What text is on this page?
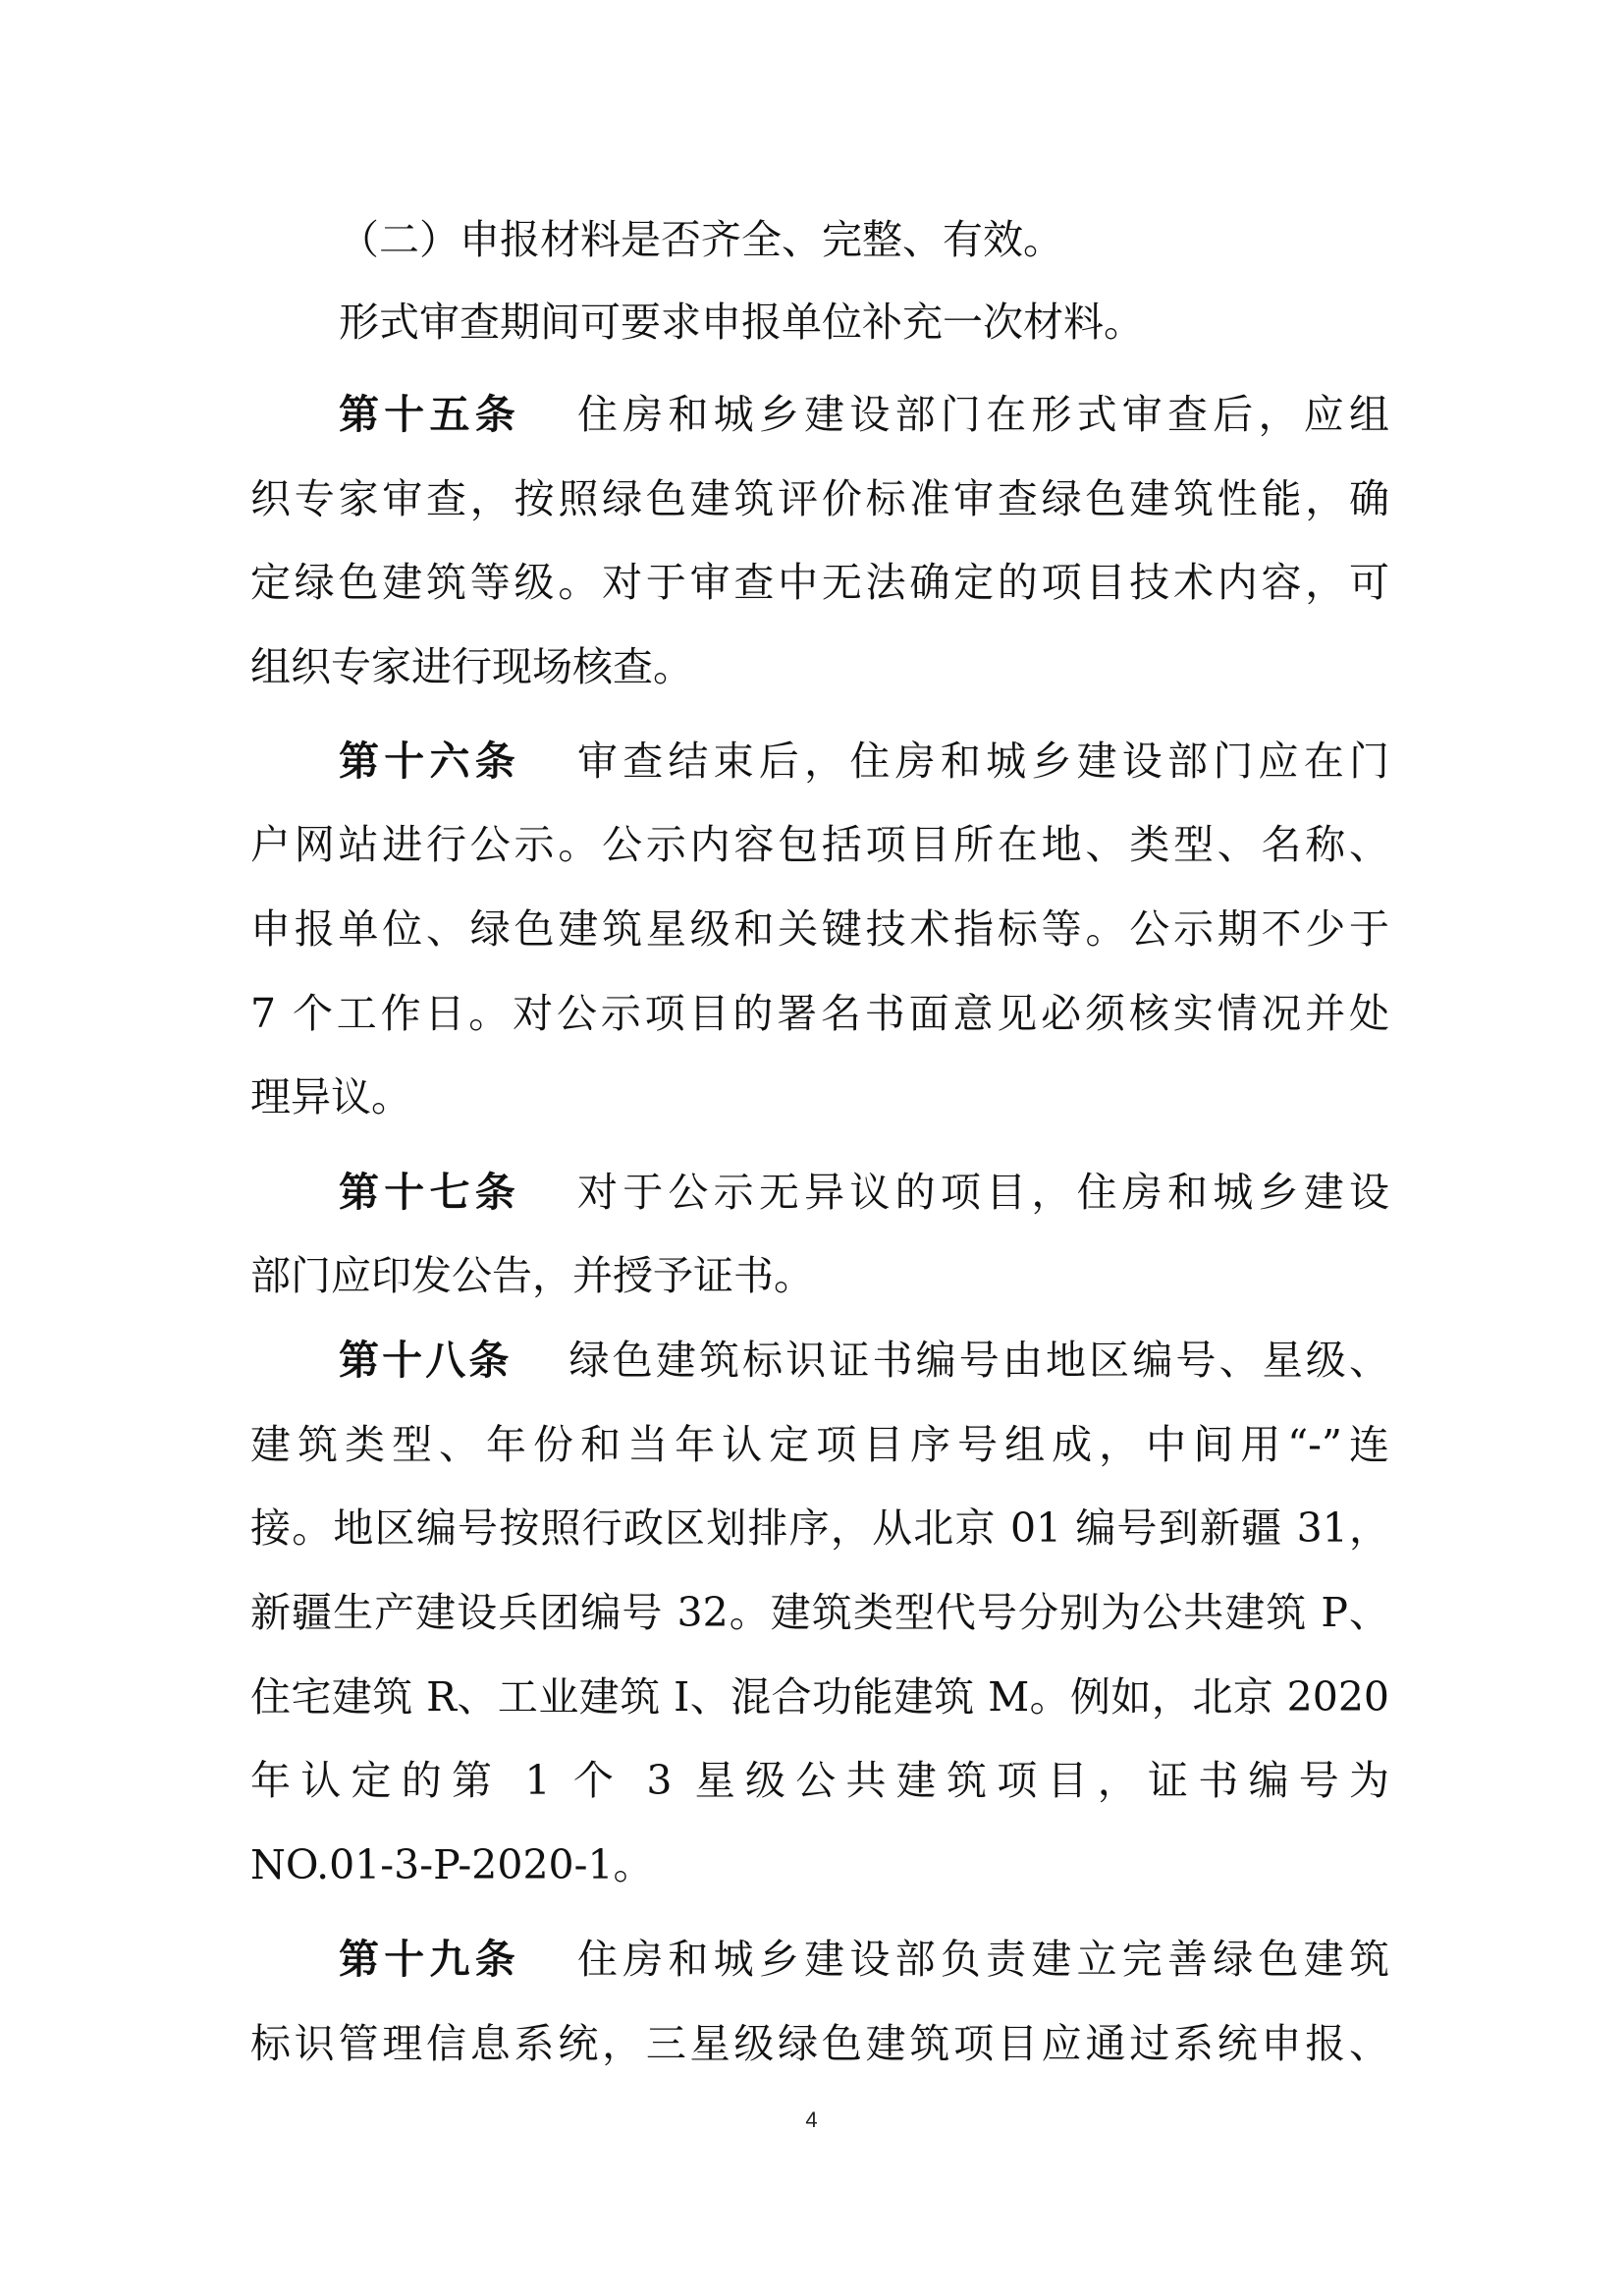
（二）申报材料是否齐全、完整、有效。
形式审查期间可要求申报单位补充一次材料。
第十五条 住房和城乡建设部门在形式审查后，应组
织专家审查，按照绿色建筑评价标准审查绿色建筑性能，确
定绿色建筑等级。对于审查中无法确定的项目技术内容，可
组织专家进行现场核查。
第十六条 审查结束后，住房和城乡建设部门应在门
户网站进行公示。公示内容包括项目所在地、类型、名称、
申报单位、绿色建筑星级和关键技术指标等。公示期不少于
7 个工作日。对公示项目的署名书面意见必须核实情况并处
理异议。
第十七条 对于公示无异议的项目，住房和城乡建设
部门应印发公告，并授予证书。
第十八条 绿色建筑标识证书编号由地区编号、星级、
建筑类型、年份和当年认定项目序号组成，中间用“-”连
接。地区编号按照行政区划排序，从北京 01 编号到新疆 31，
新疆生产建设兵团编号 32。建筑类型代号分别为公共建筑 P、
住宅建筑 R、工业建筑 I、混合功能建筑 M。例如，北京 2020
年认定的第 1 个 3 星级公共建筑项目，证书编号为
NO.01-3-P-2020-1。
第十九条 住房和城乡建设部负责建立完善绿色建筑
标识管理信息系统，三星级绿色建筑项目应通过系统申报、
4
